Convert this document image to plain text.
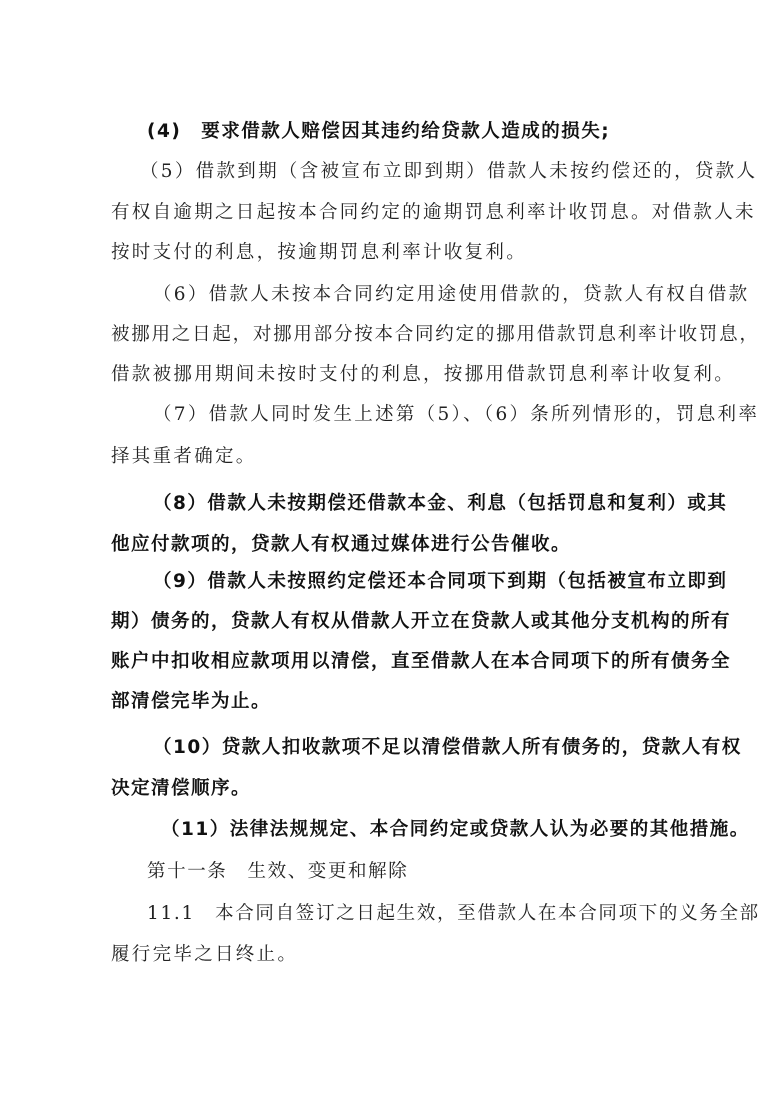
(4)　要求借款人赔偿因其违约给贷款人造成的损失;
（5）借款到期（含被宣布立即到期）借款人未按约偿还的，贷款人
有权自逾期之日起按本合同约定的逾期罚息利率计收罚息。对借款人未
按时支付的利息，按逾期罚息利率计收复利。
（6）借款人未按本合同约定用途使用借款的，贷款人有权自借款
被挪用之日起，对挪用部分按本合同约定的挪用借款罚息利率计收罚息，
借款被挪用期间未按时支付的利息，按挪用借款罚息利率计收复利。
（7）借款人同时发生上述第（5）、（6）条所列情形的，罚息利率
择其重者确定。
（8）借款人未按期偿还借款本金、利息（包括罚息和复利）或其
他应付款项的，贷款人有权通过媒体进行公告催收。
（9）借款人未按照约定偿还本合同项下到期（包括被宣布立即到
期）债务的，贷款人有权从借款人开立在贷款人或其他分支机构的所有
账户中扣收相应款项用以清偿，直至借款人在本合同项下的所有债务全
部清偿完毕为止。
（10）贷款人扣收款项不足以清偿借款人所有债务的，贷款人有权
决定清偿顺序。
（11）法律法规规定、本合同约定或贷款人认为必要的其他措施。
第十一条　生效、变更和解除
11.1　本合同自签订之日起生效，至借款人在本合同项下的义务全部
履行完毕之日终止。
